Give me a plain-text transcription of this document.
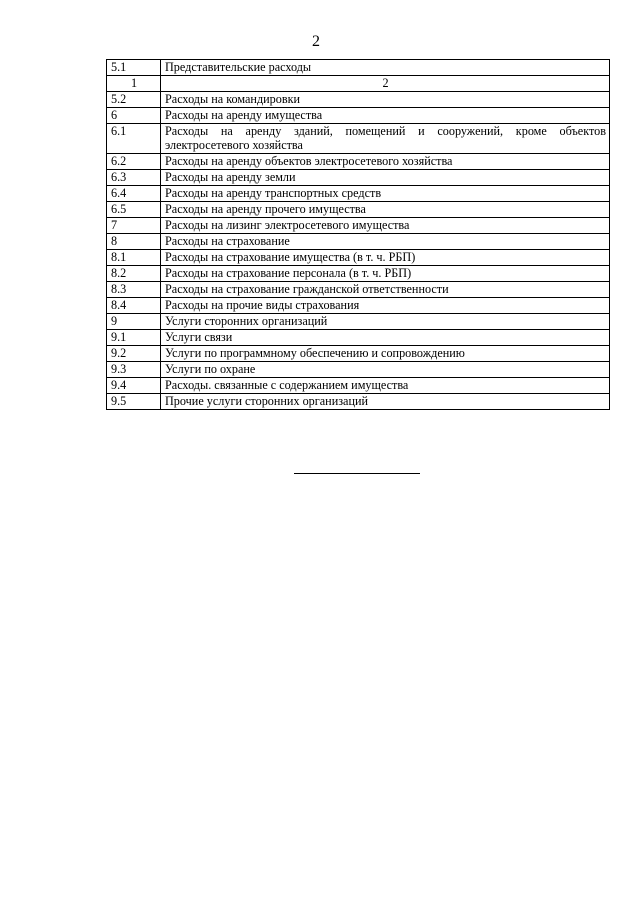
2
5.1	Представительские расходы
1	2
5.2	Расходы на командировки
6	Расходы на аренду имущества
6.1	Расходы на аренду зданий, помещений и сооружений, кроме объектов электросетевого хозяйства
6.2	Расходы на аренду объектов электросетевого хозяйства
6.3	Расходы на аренду земли
6.4	Расходы на аренду транспортных средств
6.5	Расходы на аренду прочего имущества
7	Расходы на лизинг электросетевого имущества
8	Расходы на страхование
8.1	Расходы на страхование имущества (в т. ч. РБП)
8.2	Расходы на страхование персонала (в т. ч. РБП)
8.3	Расходы на страхование гражданской ответственности
8.4	Расходы на прочие виды страхования
9	Услуги сторонних организаций
9.1	Услуги связи
9.2	Услуги по программному обеспечению и сопровождению
9.3	Услуги по охране
9.4	Расходы. связанные с содержанием имущества
9.5	Прочие услуги сторонних организаций
